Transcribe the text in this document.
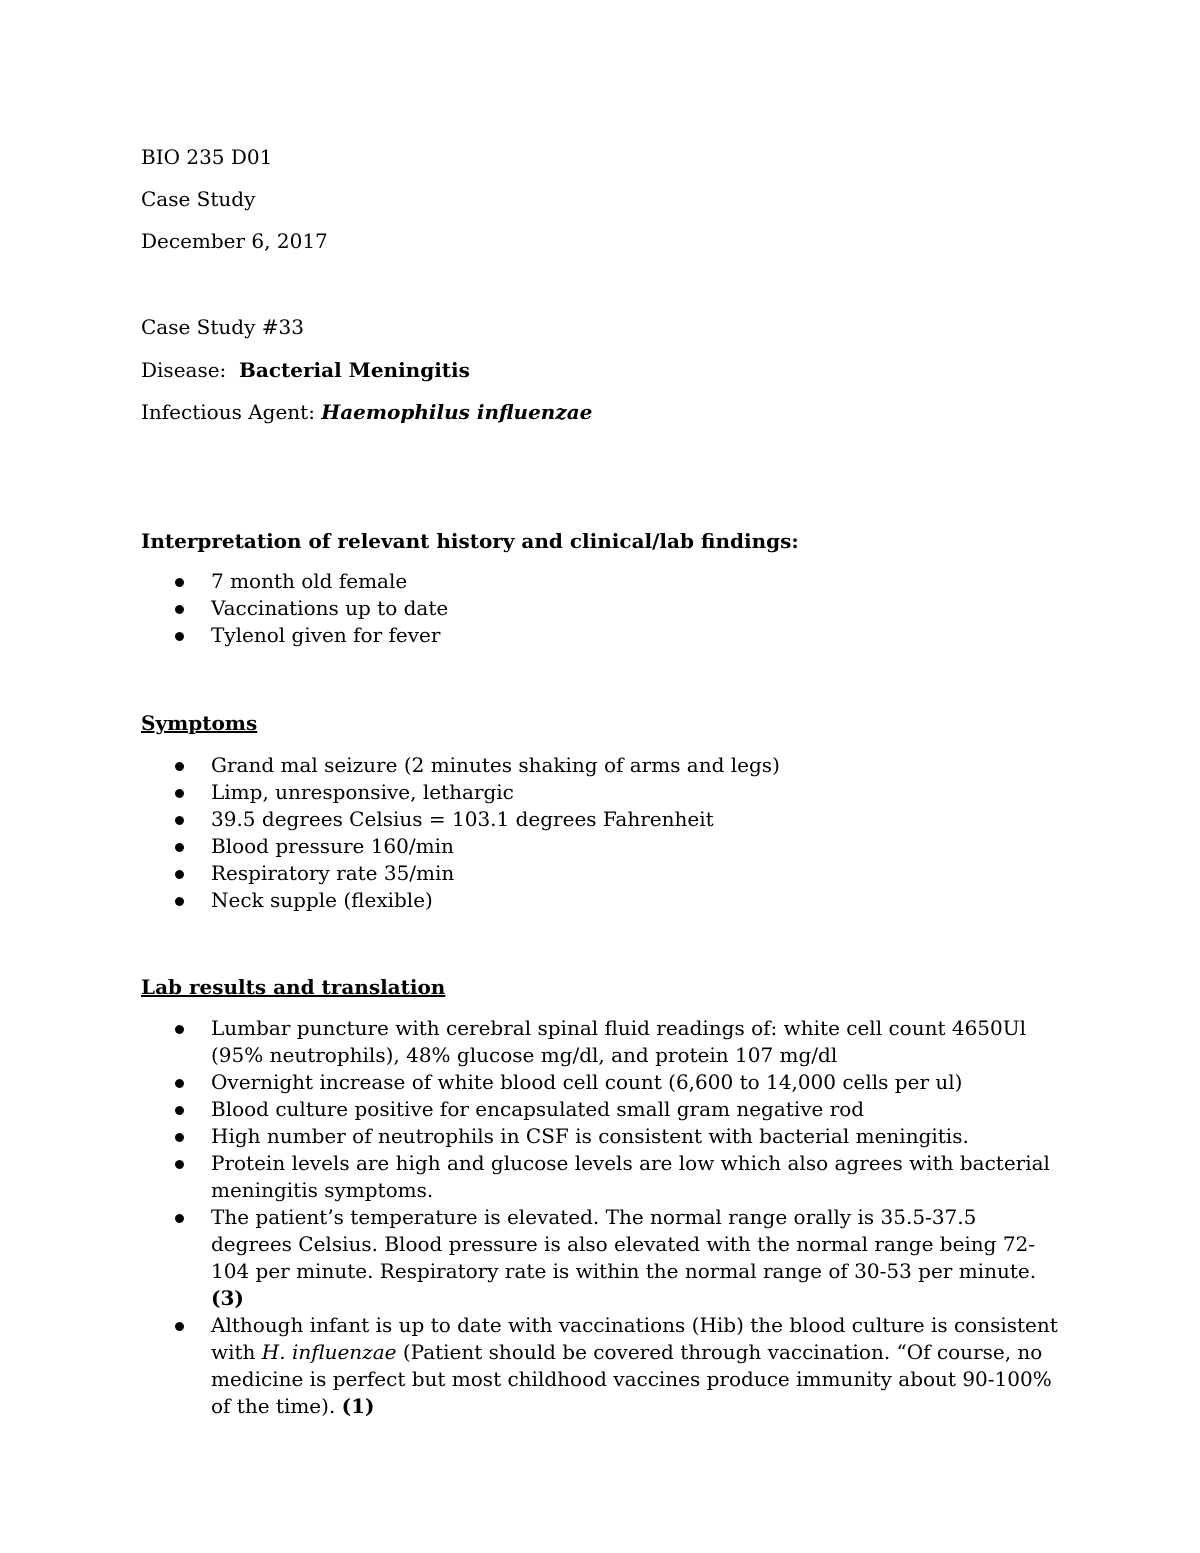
BIO 235 D01
Case Study
December 6, 2017
Case Study #33
Disease: Bacterial Meningitis
Infectious Agent: Haemophilus influenzae
Interpretation of relevant history and clinical/lab findings:
7 month old female
Vaccinations up to date
Tylenol given for fever
Symptoms
Grand mal seizure (2 minutes shaking of arms and legs)
Limp, unresponsive, lethargic
39.5 degrees Celsius = 103.1 degrees Fahrenheit
Blood pressure 160/min
Respiratory rate 35/min
Neck supple (flexible)
Lab results and translation
Lumbar puncture with cerebral spinal fluid readings of: white cell count 4650Ul (95% neutrophils), 48% glucose mg/dl, and protein 107 mg/dl
Overnight increase of white blood cell count (6,600 to 14,000 cells per ul)
Blood culture positive for encapsulated small gram negative rod
High number of neutrophils in CSF is consistent with bacterial meningitis.
Protein levels are high and glucose levels are low which also agrees with bacterial meningitis symptoms.
The patient’s temperature is elevated. The normal range orally is 35.5-37.5 degrees Celsius. Blood pressure is also elevated with the normal range being 72-104 per minute. Respiratory rate is within the normal range of 30-53 per minute. (3)
Although infant is up to date with vaccinations (Hib) the blood culture is consistent with H. influenzae (Patient should be covered through vaccination. “Of course, no medicine is perfect but most childhood vaccines produce immunity about 90-100% of the time). (1)
